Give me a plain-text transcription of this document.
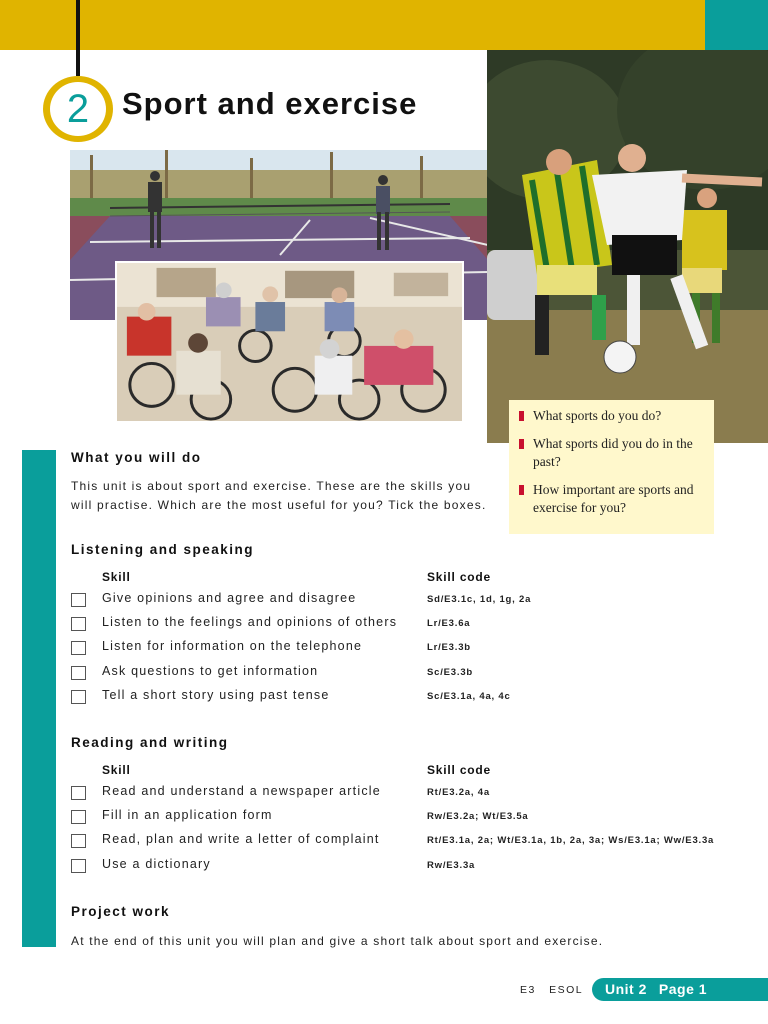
2 Sport and exercise
What sports do you do?
What sports did you do in the past?
How important are sports and exercise for you?
What you will do
This unit is about sport and exercise. These are the skills you
will practise. Which are the most useful for you? Tick the boxes.
Listening and speaking
Skill	Skill code
Give opinions and agree and disagree	Sd/E3.1c, 1d, 1g, 2a
Listen to the feelings and opinions of others	Lr/E3.6a
Listen for information on the telephone	Lr/E3.3b
Ask questions to get information	Sc/E3.3b
Tell a short story using past tense	Sc/E3.1a, 4a, 4c
Reading and writing
Skill	Skill code
Read and understand a newspaper article	Rt/E3.2a, 4a
Fill in an application form	Rw/E3.2a; Wt/E3.5a
Read, plan and write a letter of complaint	Rt/E3.1a, 2a; Wt/E3.1a, 1b, 2a, 3a; Ws/E3.1a; Ww/E3.3a
Use a dictionary	Rw/E3.3a
Project work
At the end of this unit you will plan and give a short talk about sport and exercise.
E3 ESOL	Unit 2 Page 1
